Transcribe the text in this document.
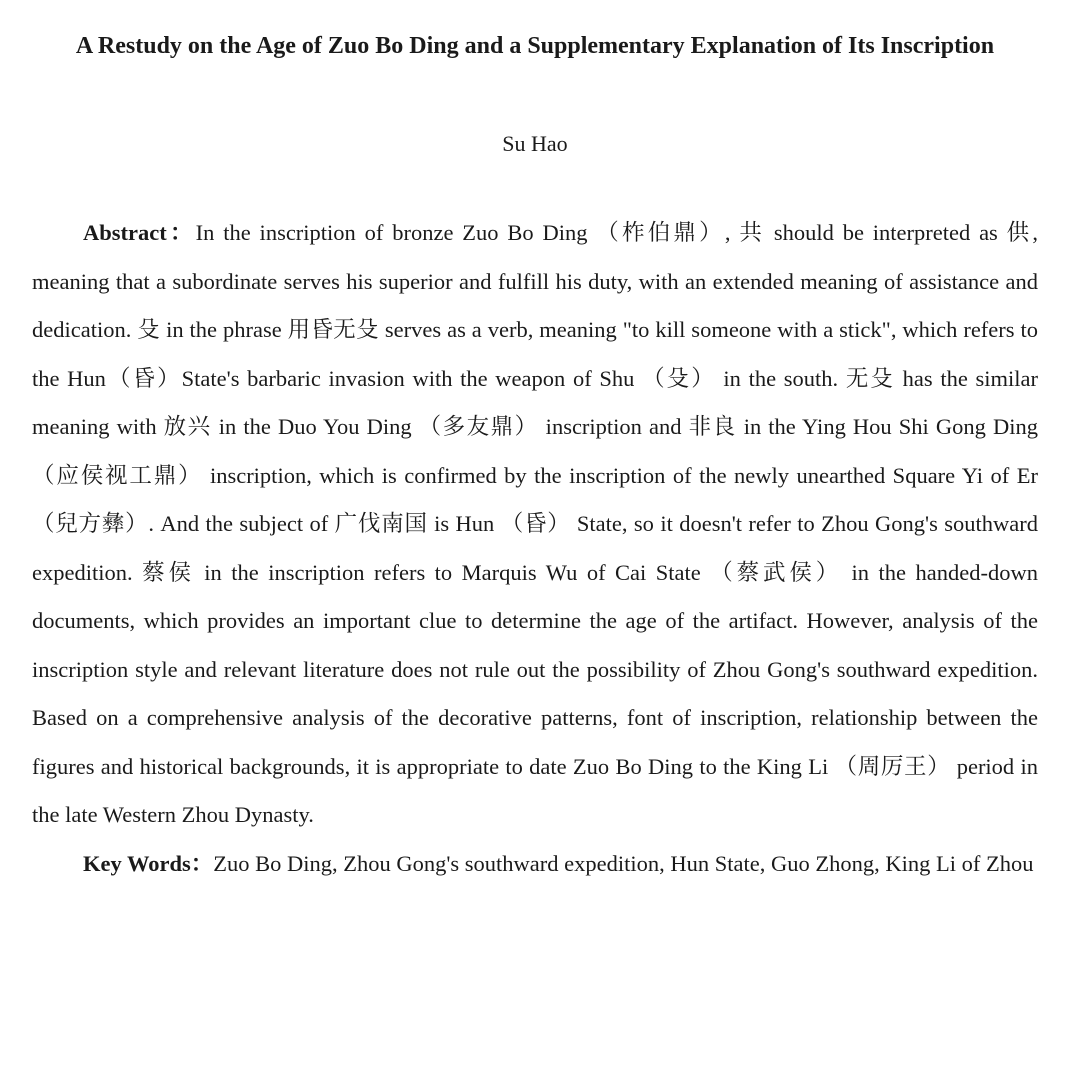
A Restudy on the Age of Zuo Bo Ding and a Supplementary Explanation of Its Inscription

Su Hao

Abstract：In the inscription of bronze Zuo Bo Ding （柞伯鼎）, 共 should be interpreted as 供, meaning that a subordinate serves his superior and fulfill his duty, with an extended meaning of assistance and dedication. 殳 in the phrase 用昏无殳 serves as a verb, meaning "to kill someone with a stick", which refers to the Hun（昏）State's barbaric invasion with the weapon of Shu （殳） in the south. 无殳 has the similar meaning with 放兴 in the Duo You Ding （多友鼎） inscription and 非良 in the Ying Hou Shi Gong Ding （应侯视工鼎） inscription, which is confirmed by the inscription of the newly unearthed Square Yi of Er （兒方彝）. And the subject of 广伐南国 is Hun （昏） State, so it doesn't refer to Zhou Gong's southward expedition. 蔡侯 in the inscription refers to Marquis Wu of Cai State （蔡武侯） in the handed-down documents, which provides an important clue to determine the age of the artifact. However, analysis of the inscription style and relevant literature does not rule out the possibility of Zhou Gong's southward expedition. Based on a comprehensive analysis of the decorative patterns, font of inscription, relationship between the figures and historical backgrounds, it is appropriate to date Zuo Bo Ding to the King Li （周厉王） period in the late Western Zhou Dynasty.

Key Words：Zuo Bo Ding, Zhou Gong's southward expedition, Hun State, Guo Zhong, King Li of Zhou
